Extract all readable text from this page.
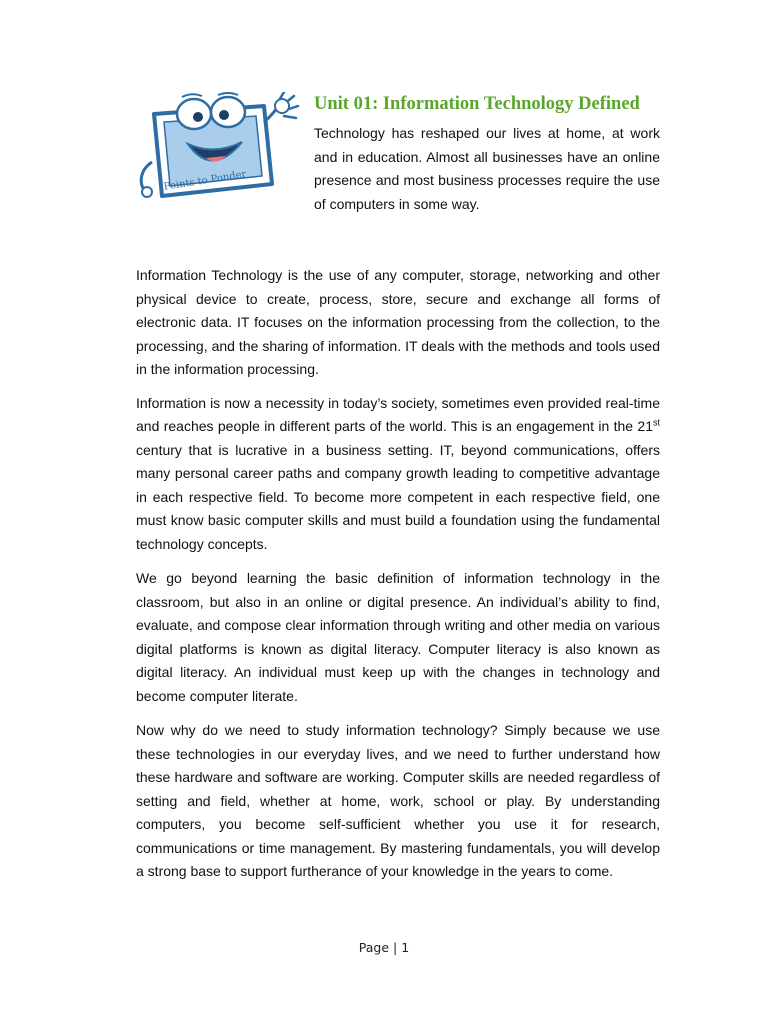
Points to Ponder
Unit 01: Information Technology Defined

Technology has reshaped our lives at home, at work and in education. Almost all businesses have an online presence and most business processes require the use of computers in some way.

Information Technology is the use of any computer, storage, networking and other physical device to create, process, store, secure and exchange all forms of electronic data. IT focuses on the information processing from the collection, to the processing, and the sharing of information. IT deals with the methods and tools used in the information processing.

Information is now a necessity in today’s society, sometimes even provided real-time and reaches people in different parts of the world. This is an engagement in the 21st century that is lucrative in a business setting. IT, beyond communications, offers many personal career paths and company growth leading to competitive advantage in each respective field. To become more competent in each respective field, one must know basic computer skills and must build a foundation using the fundamental technology concepts.

We go beyond learning the basic definition of information technology in the classroom, but also in an online or digital presence. An individual’s ability to find, evaluate, and compose clear information through writing and other media on various digital platforms is known as digital literacy. Computer literacy is also known as digital literacy. An individual must keep up with the changes in technology and become computer literate.

Now why do we need to study information technology? Simply because we use these technologies in our everyday lives, and we need to further understand how these hardware and software are working. Computer skills are needed regardless of setting and field, whether at home, work, school or play. By understanding computers, you become self-sufficient whether you use it for research, communications or time management. By mastering fundamentals, you will develop a strong base to support furtherance of your knowledge in the years to come.

Page | 1
